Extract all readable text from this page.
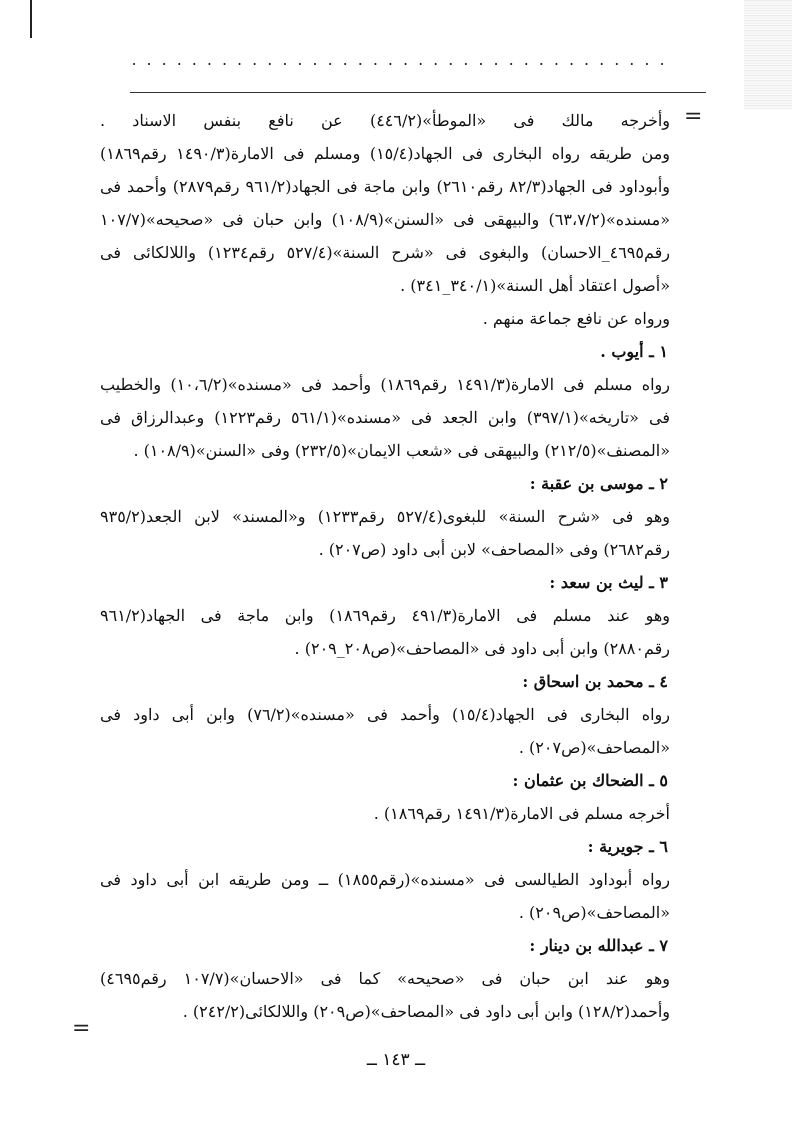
....................................
=
=
وأخرجه مالك فى «الموطأ»(٤٤٦/٢) عن نافع بنفس الاسناد .
ومن طريقه رواه البخارى فى الجهاد(١٥/٤) ومسلم فى الامارة(١٤٩٠/٣ رقم١٨٦٩)
وأبوداود فى الجهاد(٨٢/٣ رقم٢٦١٠) وابن ماجة فى الجهاد(٩٦١/٢ رقم٢٨٧٩) وأحمد فى
«مسنده»(٦٣،٧/٢) والبيهقى فى «السنن»(١٠٨/٩) وابن حبان فى «صحيحه»(١٠٧/٧
رقم٤٦٩٥_الاحسان) والبغوى فى «شرح السنة»(٥٢٧/٤ رقم١٢٣٤) واللالكائى فى
«أصول اعتقاد أهل السنة»(٣٤٠/١_٣٤١) .
ورواه عن نافع جماعة منهم .
١ ـ أيوب .
رواه مسلم فى الامارة(١٤٩١/٣ رقم١٨٦٩) وأحمد فى «مسنده»(١٠،٦/٢) والخطيب
فى «تاريخه»(٣٩٧/١) وابن الجعد فى «مسنده»(٥٦١/١ رقم١٢٢٣) وعبدالرزاق فى
«المصنف»(٢١٢/٥) والبيهقى فى «شعب الايمان»(٢٣٢/٥) وفى «السنن»(١٠٨/٩) .
٢ ـ موسى بن عقبة :
وهو فى «شرح السنة» للبغوى(٥٢٧/٤ رقم١٢٣٣) و«المسند» لابن الجعد(٩٣٥/٢
رقم٢٦٨٢) وفى «المصاحف» لابن أبى داود (ص٢٠٧) .
٣ ـ ليث بن سعد :
وهو عند مسلم فى الامارة(٤٩١/٣ رقم١٨٦٩) وابن ماجة فى الجهاد(٩٦١/٢
رقم٢٨٨٠) وابن أبى داود فى «المصاحف»(ص٢٠٨_٢٠٩) .
٤ ـ محمد بن اسحاق :
رواه البخارى فى الجهاد(١٥/٤) وأحمد فى «مسنده»(٧٦/٢) وابن أبى داود فى
«المصاحف»(ص٢٠٧) .
٥ ـ الضحاك بن عثمان :
أخرجه مسلم فى الامارة(١٤٩١/٣ رقم١٨٦٩) .
٦ ـ جويرية :
رواه أبوداود الطيالسى فى «مسنده»(رقم١٨٥٥) ــ ومن طريقه ابن أبى داود فى
«المصاحف»(ص٢٠٩) .
٧ ـ عبدالله بن دينار :
وهو عند ابن حبان فى «صحيحه» كما فى «الاحسان»(١٠٧/٧ رقم٤٦٩٥)
وأحمد(١٢٨/٢) وابن أبى داود فى «المصاحف»(ص٢٠٩) واللالكائى(٢٤٢/٢) .
ــ ١٤٣ ــ
